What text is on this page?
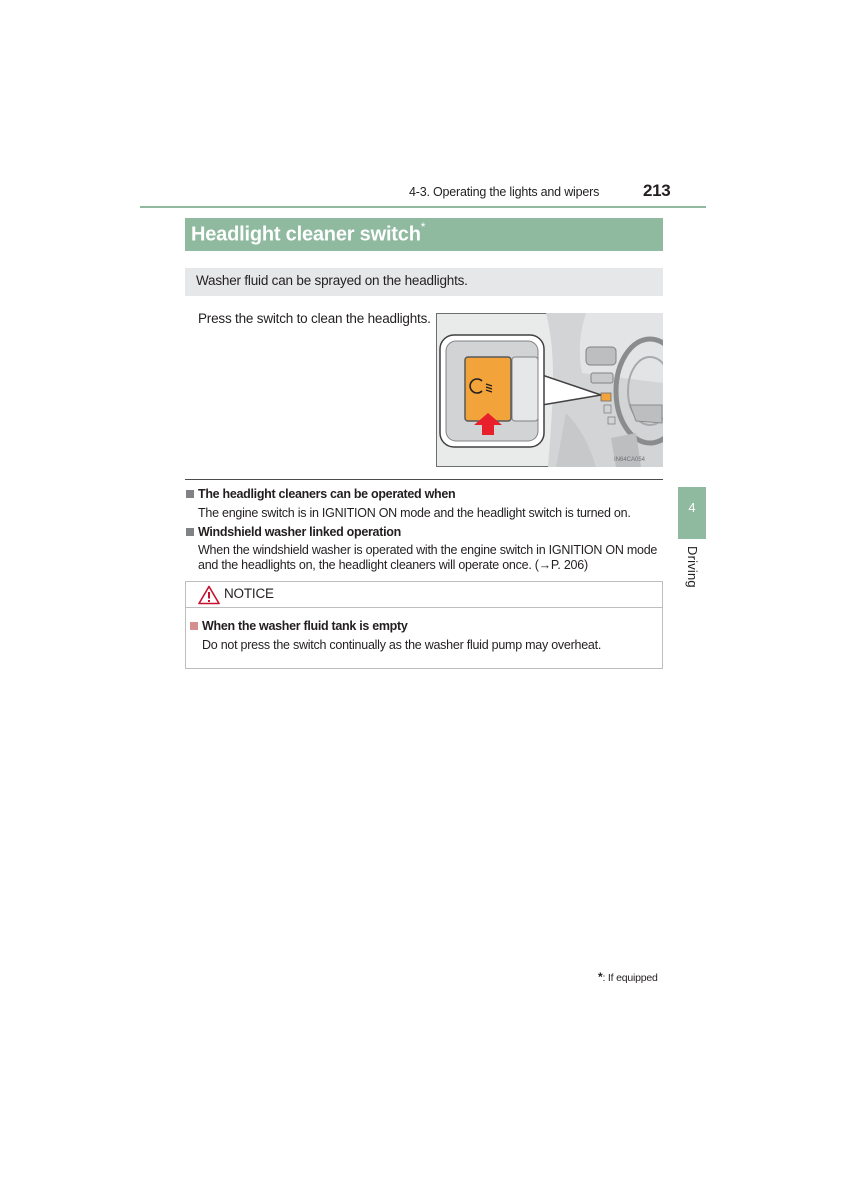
4-3. Operating the lights and wipers	213
Headlight cleaner switch*
Washer fluid can be sprayed on the headlights.
Press the switch to clean the headlights.
IN64CA054
The headlight cleaners can be operated when
The engine switch is in IGNITION ON mode and the headlight switch is turned on.
Windshield washer linked operation
When the windshield washer is operated with the engine switch in IGNITION ON mode
and the headlights on, the headlight cleaners will operate once. (→P. 206)
NOTICE
When the washer fluid tank is empty
Do not press the switch continually as the washer fluid pump may overheat.
4
Driving
*: If equipped
